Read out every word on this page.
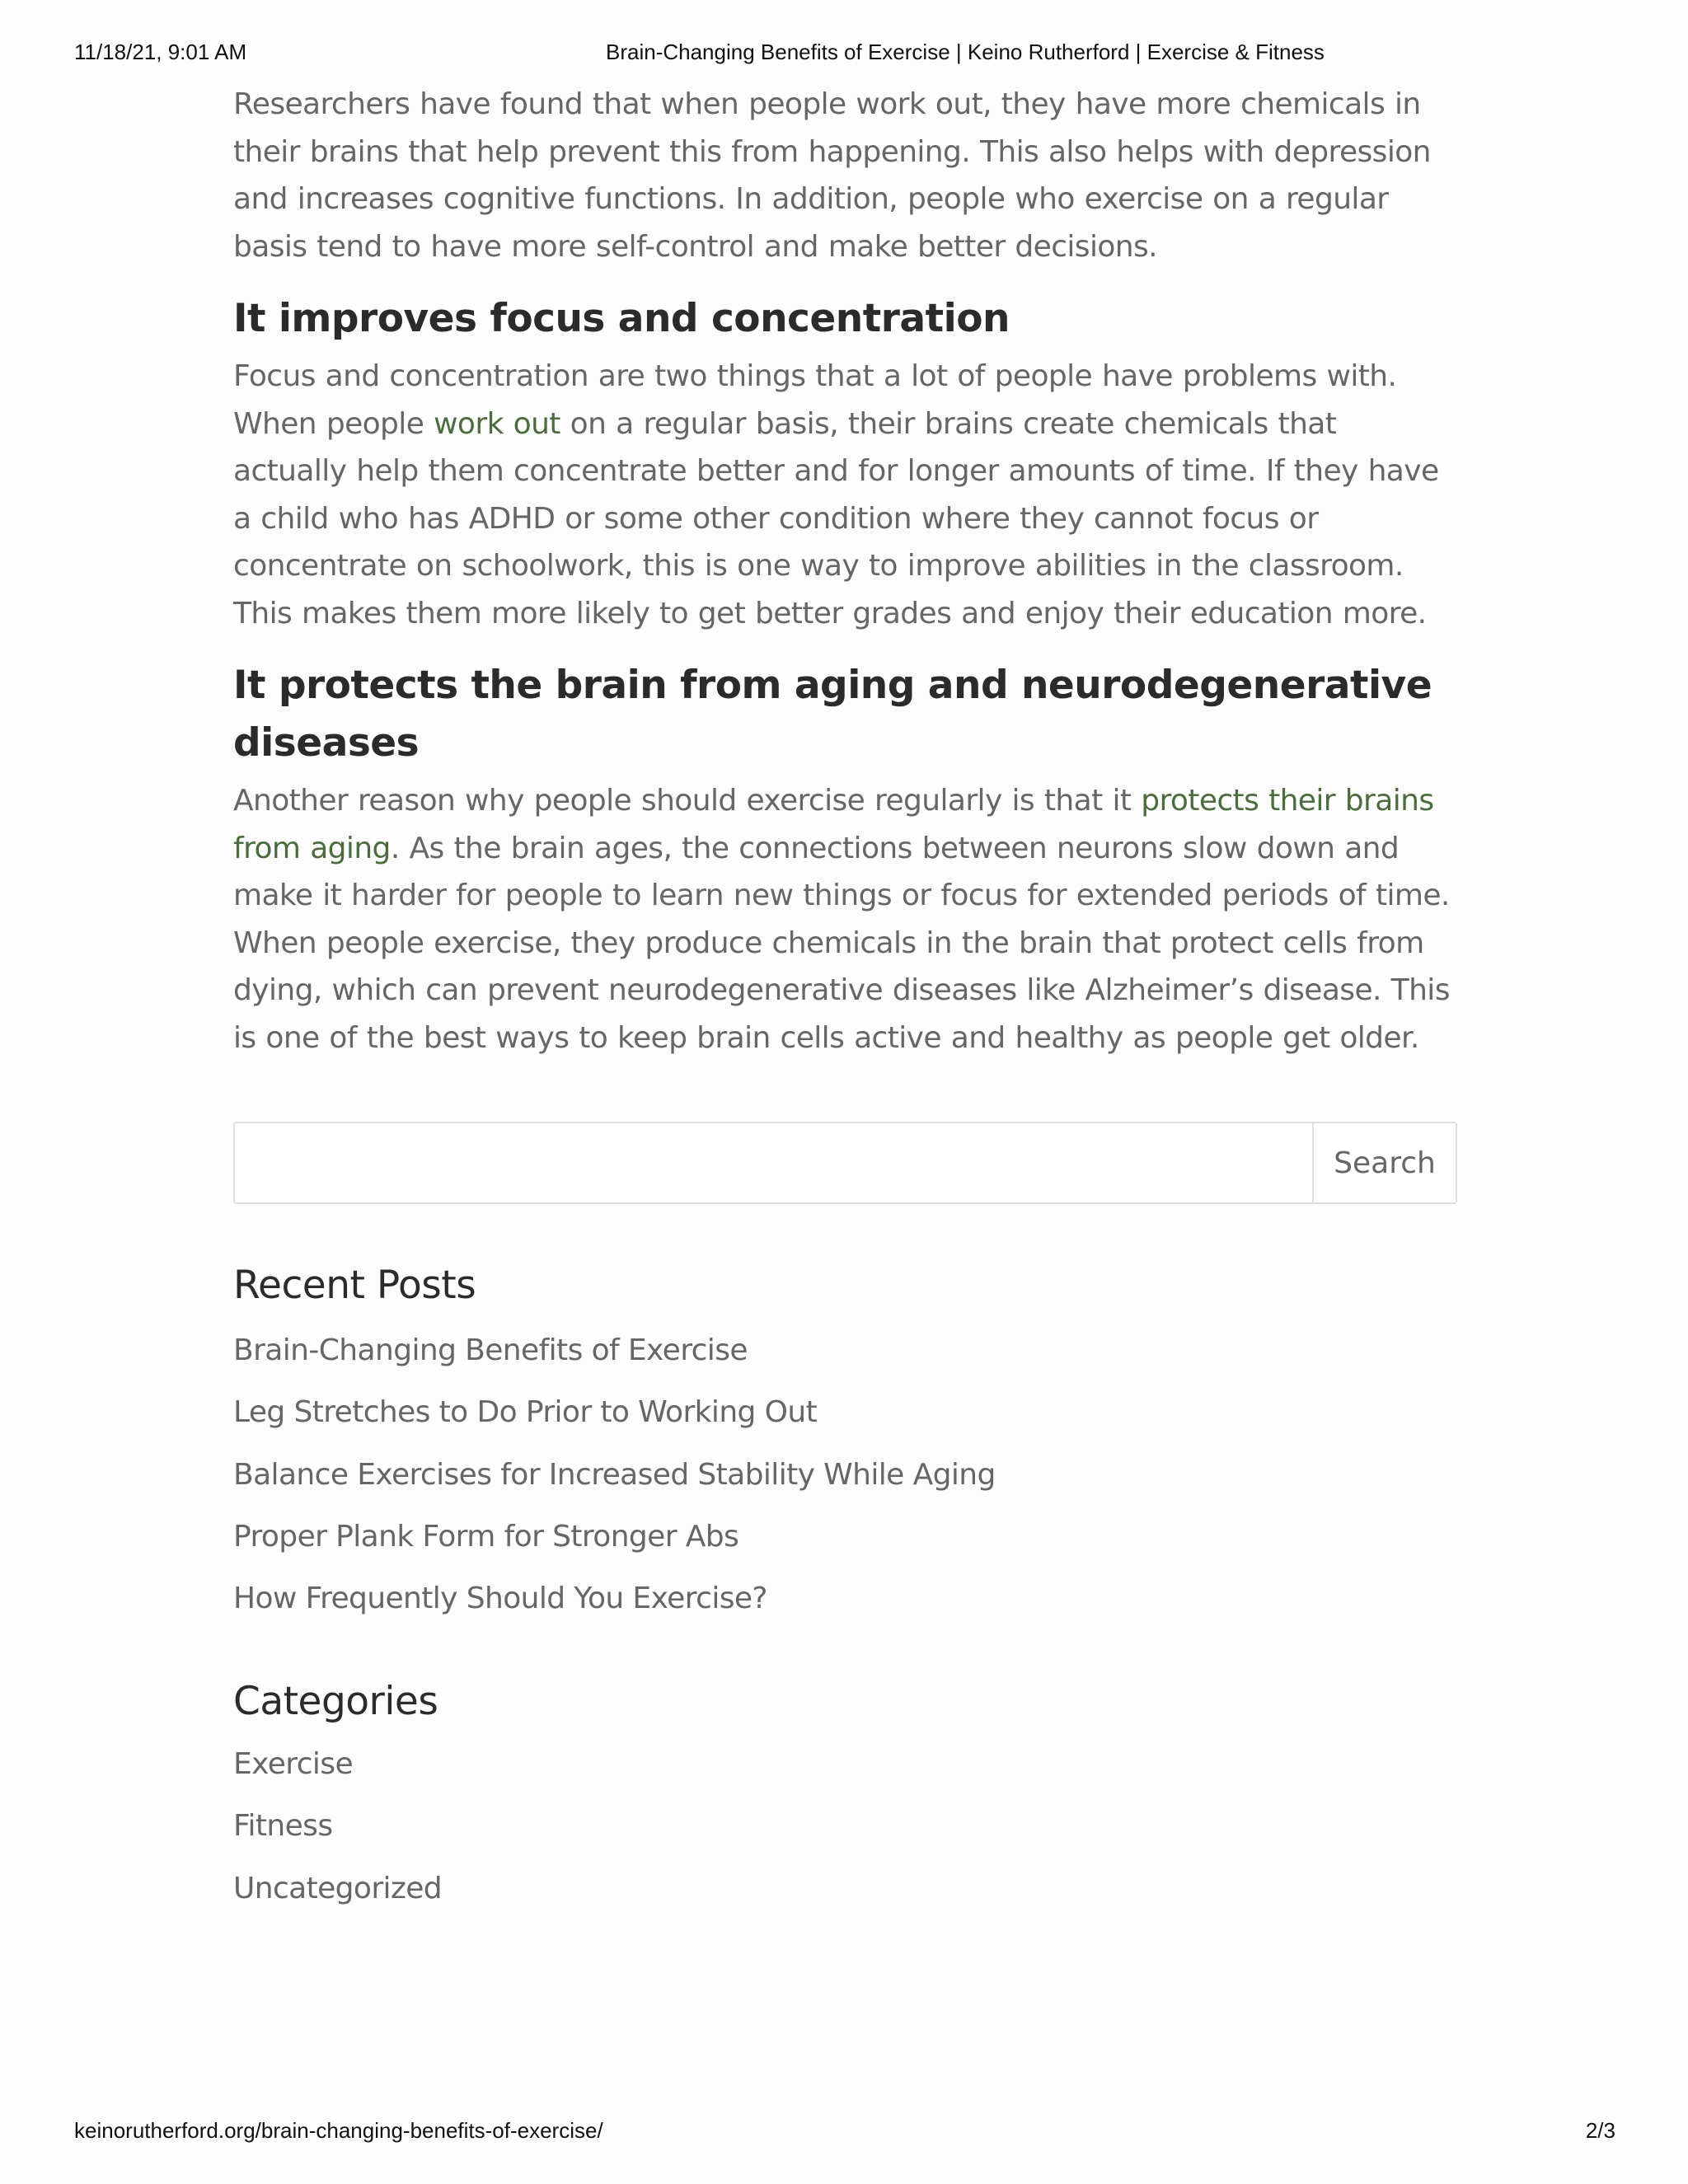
11/18/21, 9:01 AM	Brain-Changing Benefits of Exercise | Keino Rutherford | Exercise & Fitness

Researchers have found that when people work out, they have more chemicals in their brains that help prevent this from happening. This also helps with depression and increases cognitive functions. In addition, people who exercise on a regular basis tend to have more self-control and make better decisions.

It improves focus and concentration

Focus and concentration are two things that a lot of people have problems with. When people work out on a regular basis, their brains create chemicals that actually help them concentrate better and for longer amounts of time. If they have a child who has ADHD or some other condition where they cannot focus or concentrate on schoolwork, this is one way to improve abilities in the classroom. This makes them more likely to get better grades and enjoy their education more.

It protects the brain from aging and neurodegenerative diseases

Another reason why people should exercise regularly is that it protects their brains from aging. As the brain ages, the connections between neurons slow down and make it harder for people to learn new things or focus for extended periods of time. When people exercise, they produce chemicals in the brain that protect cells from dying, which can prevent neurodegenerative diseases like Alzheimer’s disease. This is one of the best ways to keep brain cells active and healthy as people get older.

Search
Recent Posts
Brain-Changing Benefits of Exercise
Leg Stretches to Do Prior to Working Out
Balance Exercises for Increased Stability While Aging
Proper Plank Form for Stronger Abs
How Frequently Should You Exercise?
Categories
Exercise
Fitness
Uncategorized
keinorutherford.org/brain-changing-benefits-of-exercise/	2/3
